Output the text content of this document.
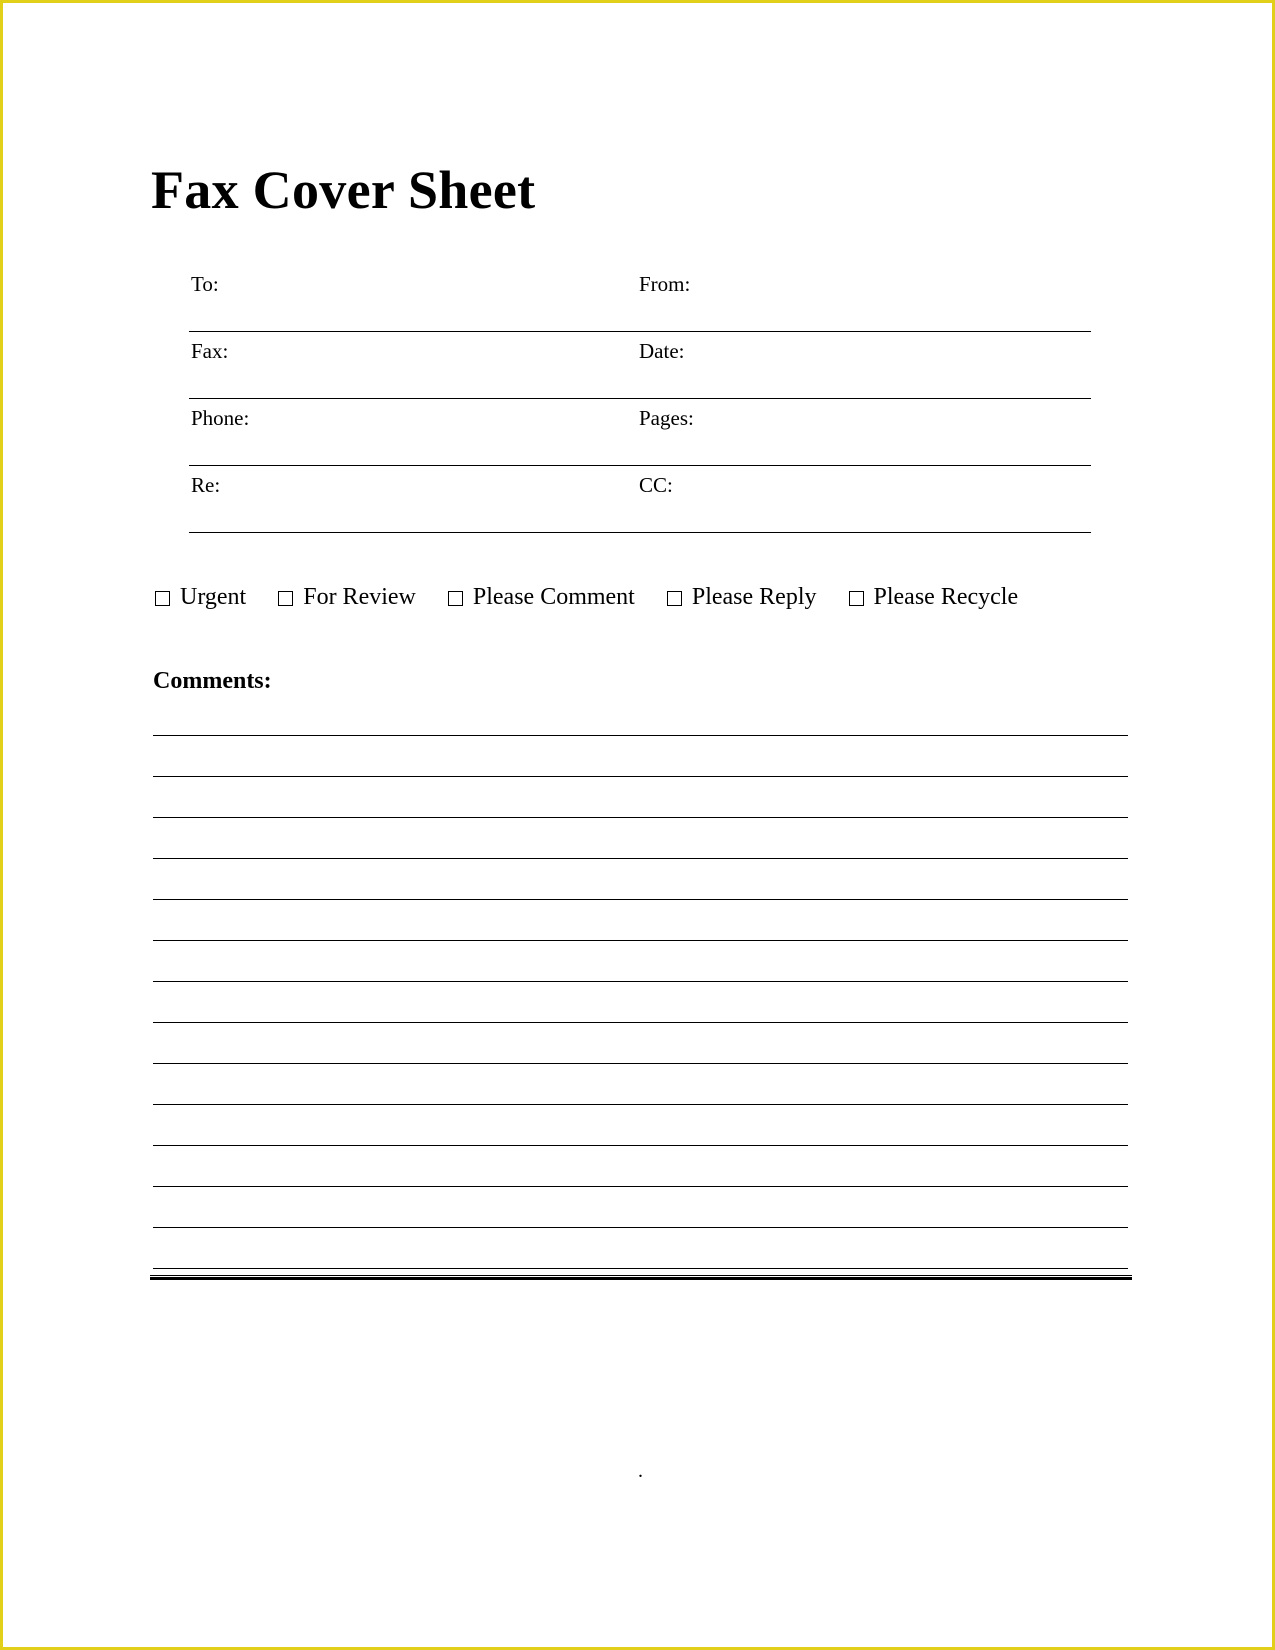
Fax Cover Sheet
To:	From:
Fax:	Date:
Phone:	Pages:
Re:	CC:
Urgent For Review Please Comment Please Reply Please Recycle
Comments:
.
